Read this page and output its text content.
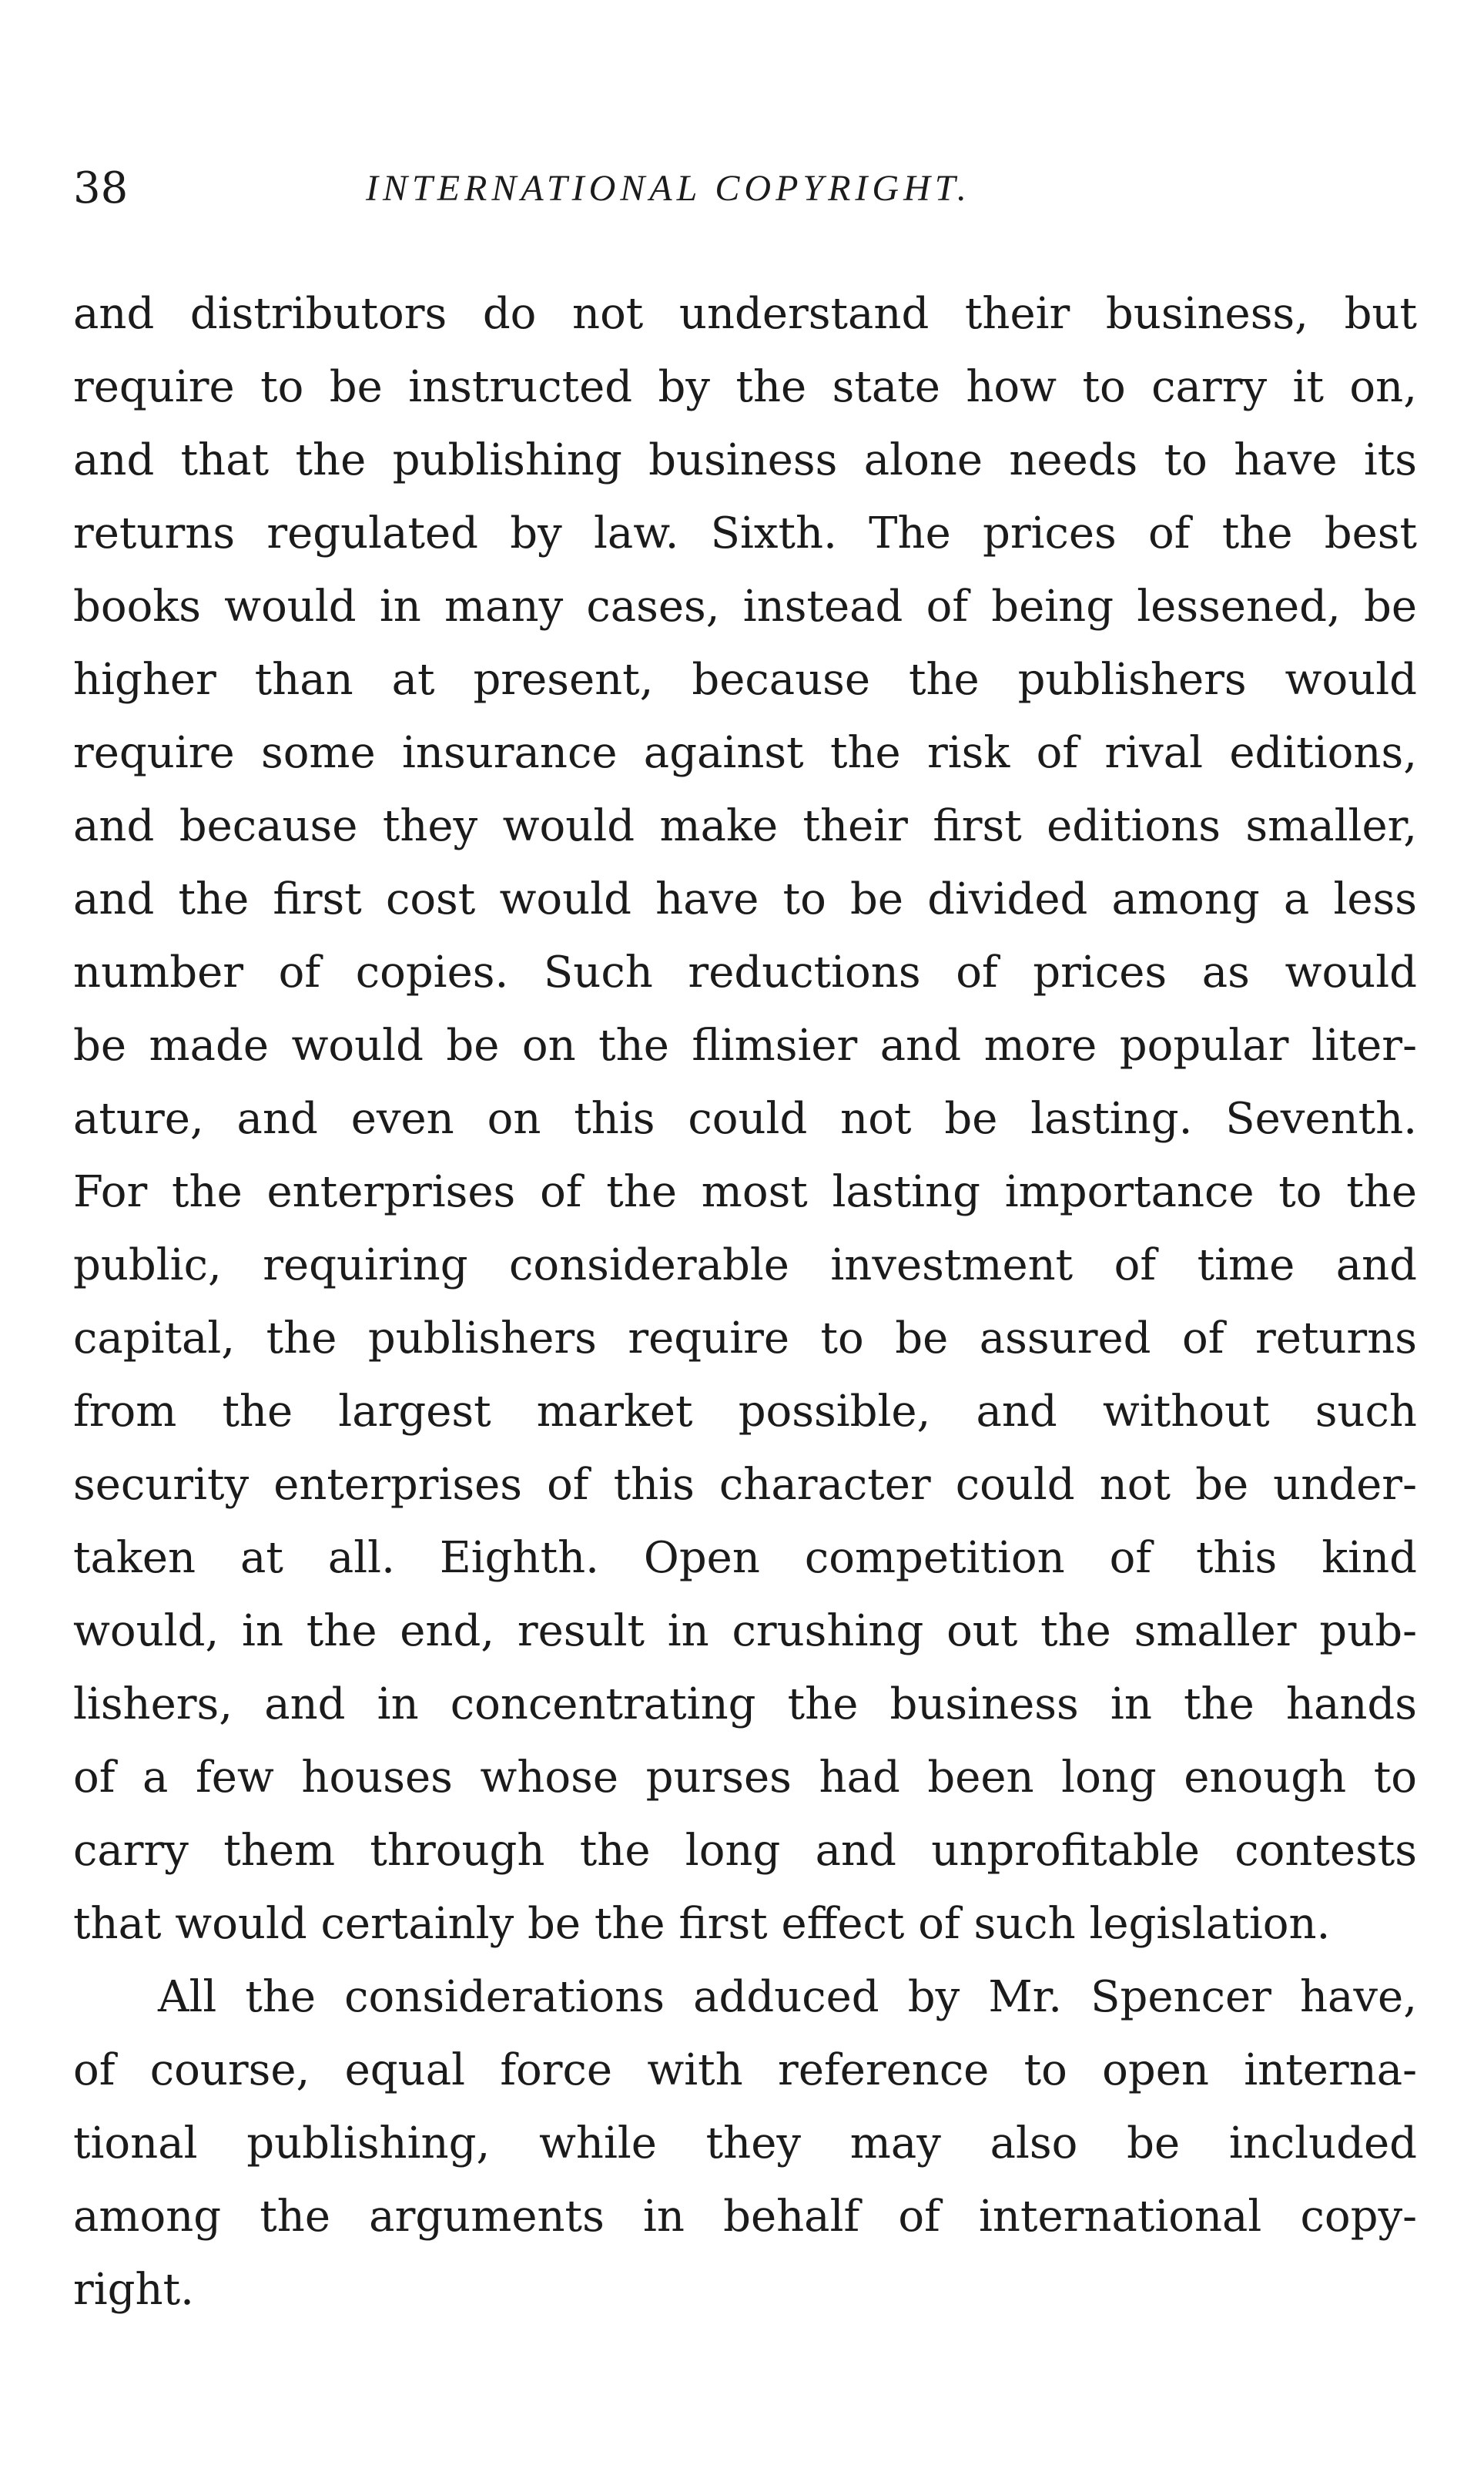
38	INTERNATIONAL COPYRIGHT.
and distributors do not understand their business, but
require to be instructed by the state how to carry it on,
and that the publishing business alone needs to have its
returns regulated by law. Sixth. The prices of the best
books would in many cases, instead of being lessened, be
higher than at present, because the publishers would
require some insurance against the risk of rival editions,
and because they would make their first editions smaller,
and the first cost would have to be divided among a less
number of copies. Such reductions of prices as would
be made would be on the flimsier and more popular liter-
ature, and even on this could not be lasting. Seventh.
For the enterprises of the most lasting importance to the
public, requiring considerable investment of time and
capital, the publishers require to be assured of returns
from the largest market possible, and without such
security enterprises of this character could not be under-
taken at all. Eighth. Open competition of this kind
would, in the end, result in crushing out the smaller pub-
lishers, and in concentrating the business in the hands
of a few houses whose purses had been long enough to
carry them through the long and unprofitable contests
that would certainly be the first effect of such legislation.
All the considerations adduced by Mr. Spencer have,
of course, equal force with reference to open interna-
tional publishing, while they may also be included
among the arguments in behalf of international copy-
right.
